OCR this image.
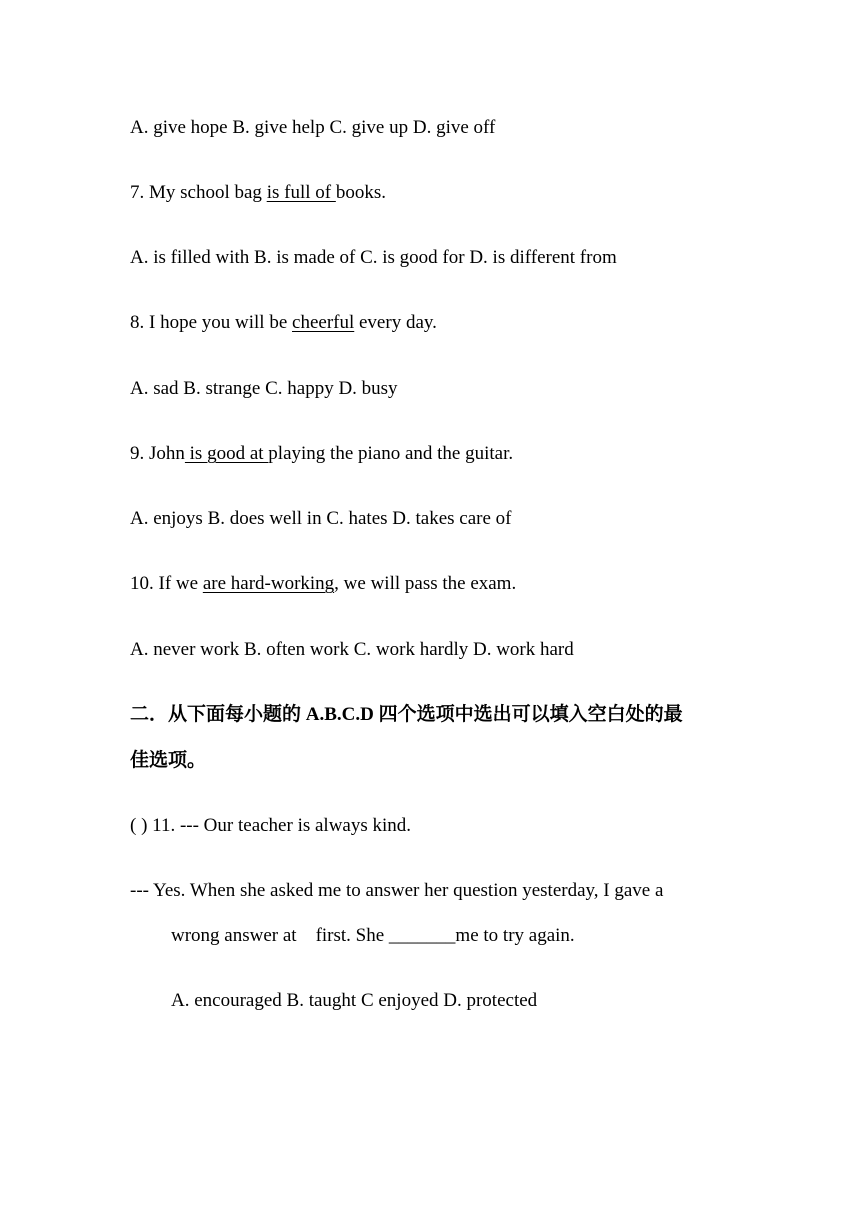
A. give hope B. give help C. give up D. give off
7. My school bag is full of books.
A. is filled with B. is made of C. is good for D. is different from
8. I hope you will be cheerful every day.
A. sad B. strange C. happy D. busy
9. John is good at playing the piano and the guitar.
A. enjoys B. does well in C. hates D. takes care of
10. If we are hard-working, we will pass the exam.
A. never work B. often work C. work hardly D. work hard
二．从下面每小题的 A.B.C.D 四个选项中选出可以填入空白处的最
佳选项。
( ) 11. --- Our teacher is always kind.
--- Yes. When she asked me to answer her question yesterday, I gave a
wrong answer at    first. She _______me to try again.
A. encouraged B. taught C enjoyed D. protected
